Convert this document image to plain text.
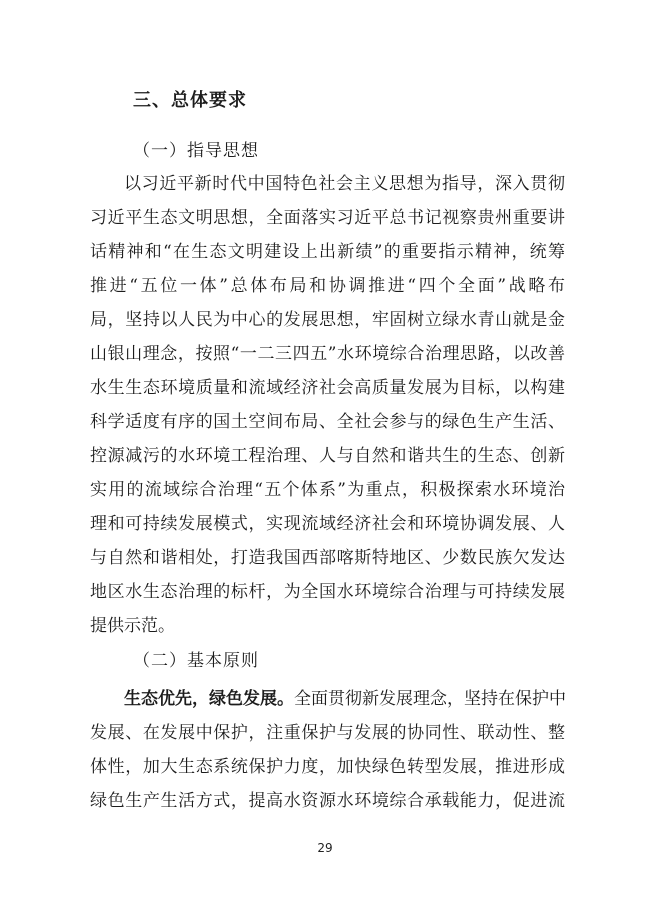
三、总体要求
（一）指导思想
以习近平新时代中国特色社会主义思想为指导，深入贯彻
习近平生态文明思想，全面落实习近平总书记视察贵州重要讲
话精神和“在生态文明建设上出新绩”的重要指示精神，统筹
推进“五位一体”总体布局和协调推进“四个全面”战略布
局，坚持以人民为中心的发展思想，牢固树立绿水青山就是金
山银山理念，按照“一二三四五”水环境综合治理思路，以改善
水生生态环境质量和流域经济社会高质量发展为目标，以构建
科学适度有序的国土空间布局、全社会参与的绿色生产生活、
控源减污的水环境工程治理、人与自然和谐共生的生态、创新
实用的流域综合治理“五个体系”为重点，积极探索水环境治
理和可持续发展模式，实现流域经济社会和环境协调发展、人
与自然和谐相处，打造我国西部喀斯特地区、少数民族欠发达
地区水生态治理的标杆，为全国水环境综合治理与可持续发展
提供示范。
（二）基本原则
生态优先，绿色发展。全面贯彻新发展理念，坚持在保护中
发展、在发展中保护，注重保护与发展的协同性、联动性、整
体性，加大生态系统保护力度，加快绿色转型发展，推进形成
绿色生产生活方式，提高水资源水环境综合承载能力，促进流
29
